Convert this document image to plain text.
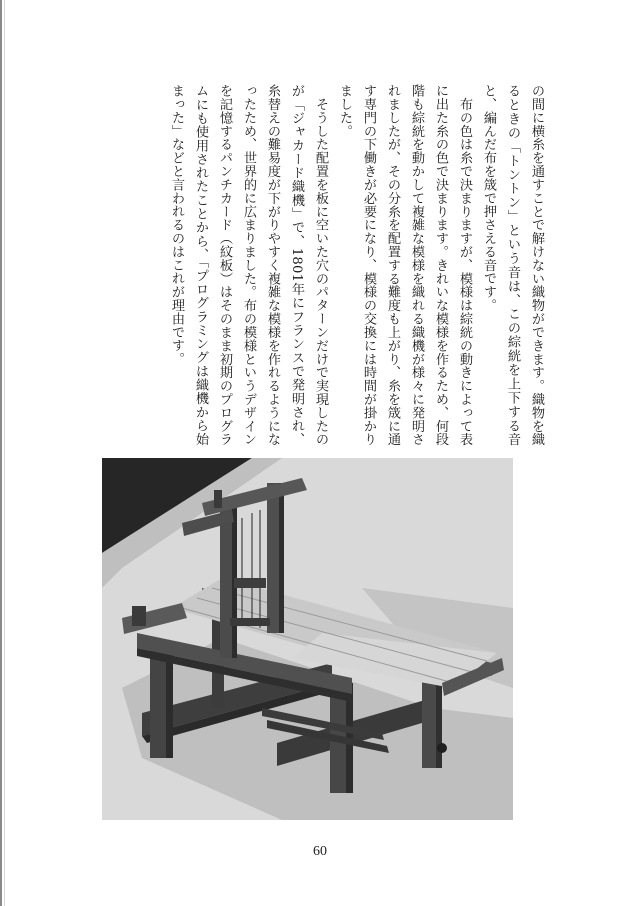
の間に横糸を通すことで解けない織物ができます。織物を織るときの「トントン」という音は、この綜絖を上下する音と、編んだ布を筬で押さえる音です。

　布の色は糸で決まりますが、模様は綜絖の動きによって表に出た糸の色で決まります。きれいな模様を作るため、何段階も綜絖を動かして複雑な模様を織れる織機が様々に発明されましたが、その分糸を配置する難度も上がり、糸を筬に通す専門の下働きが必要になり、模様の交換には時間が掛かりました。

　そうした配置を板に空いた穴のパターンだけで実現したのが「ジャカード織機」で、1801年にフランスで発明され、糸替えの難易度が下がりやすく複雑な模様を作れるようになったため、世界的に広まりました。布の模様というデザインを記憶するパンチカード（紋板）はそのまま初期のプログラムにも使用されたことから、「プログラミングは織機から始まった」などと言われるのはこれが理由です。

60
